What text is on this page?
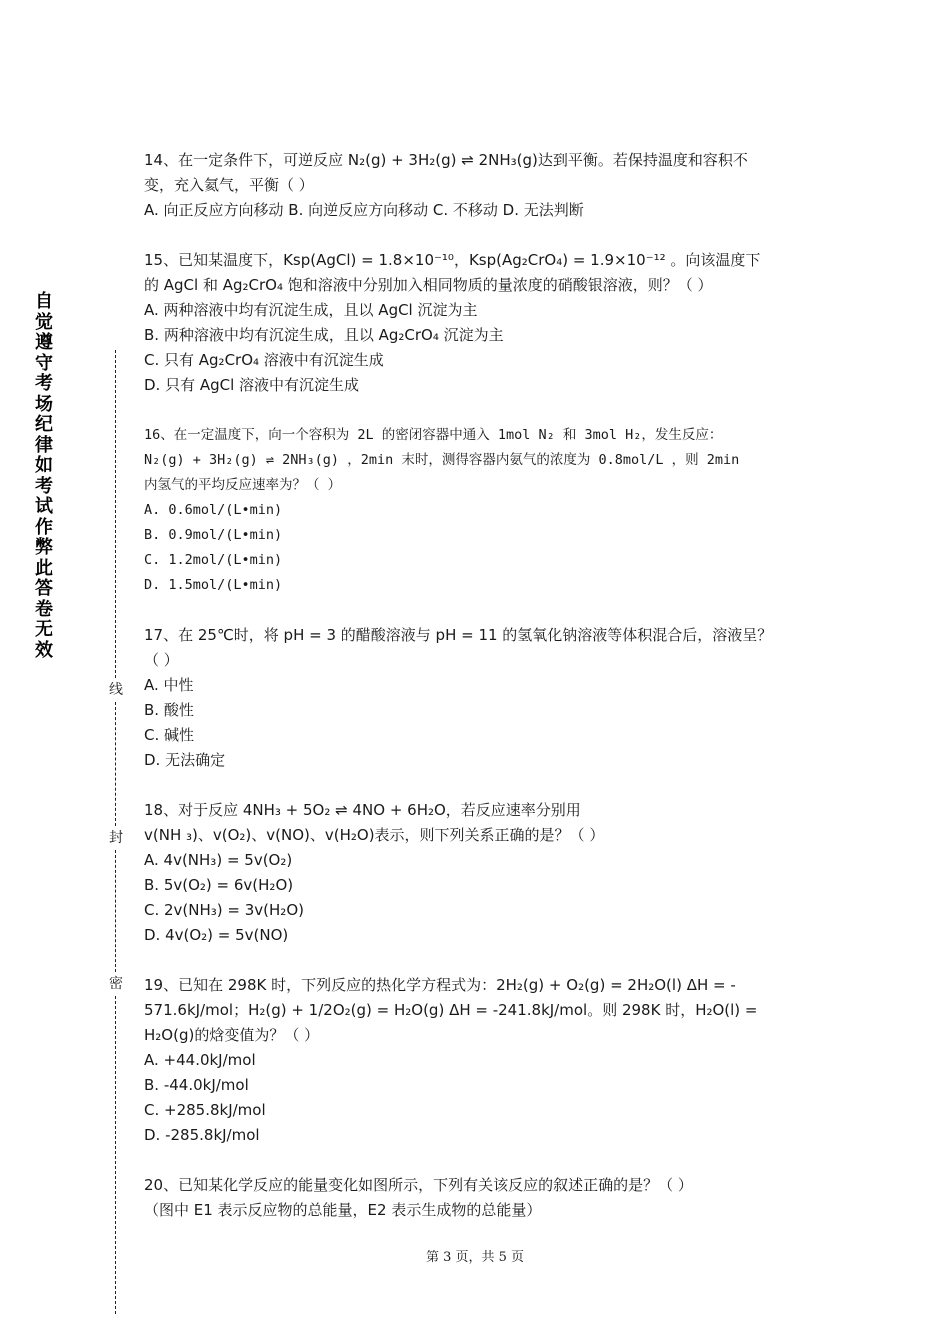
自觉遵守考场纪律如考试作弊此答卷无效
线
封
密
14、在一定条件下，可逆反应 N₂(g) + 3H₂(g) ⇌ 2NH₃(g)达到平衡。若保持温度和容积不
变，充入氦气，平衡（ ）
A. 向正反应方向移动 B. 向逆反应方向移动 C. 不移动 D. 无法判断
15、已知某温度下，Ksp(AgCl) = 1.8×10⁻¹⁰，Ksp(Ag₂CrO₄) = 1.9×10⁻¹² 。向该温度下
的 AgCl 和 Ag₂CrO₄ 饱和溶液中分别加入相同物质的量浓度的硝酸银溶液，则？（ ）
A. 两种溶液中均有沉淀生成，且以 AgCl 沉淀为主
B. 两种溶液中均有沉淀生成，且以 Ag₂CrO₄ 沉淀为主
C. 只有 Ag₂CrO₄ 溶液中有沉淀生成
D. 只有 AgCl 溶液中有沉淀生成
16、在一定温度下，向一个容积为 2L 的密闭容器中通入 1mol N₂ 和 3mol H₂，发生反应：
N₂(g) + 3H₂(g) ⇌ 2NH₃(g) ，2min 末时，测得容器内氨气的浓度为 0.8mol/L ，则 2min
内氢气的平均反应速率为？（ ）
A. 0.6mol/(L•min)
B. 0.9mol/(L•min)
C. 1.2mol/(L•min)
D. 1.5mol/(L•min)
17、在 25℃时，将 pH = 3 的醋酸溶液与 pH = 11 的氢氧化钠溶液等体积混合后，溶液呈？
（ ）
A. 中性
B. 酸性
C. 碱性
D. 无法确定
18、对于反应 4NH₃ + 5O₂ ⇌ 4NO + 6H₂O，若反应速率分别用
v(NH ₃)、v(O₂)、v(NO)、v(H₂O)表示，则下列关系正确的是？（ ）
A. 4v(NH₃) = 5v(O₂)
B. 5v(O₂) = 6v(H₂O)
C. 2v(NH₃) = 3v(H₂O)
D. 4v(O₂) = 5v(NO)
19、已知在 298K 时，下列反应的热化学方程式为：2H₂(g) + O₂(g) = 2H₂O(l) ΔH = -
571.6kJ/mol；H₂(g) + 1/2O₂(g) = H₂O(g) ΔH = -241.8kJ/mol。则 298K 时，H₂O(l) =
H₂O(g)的焓变值为？（ ）
A. +44.0kJ/mol
B. -44.0kJ/mol
C. +285.8kJ/mol
D. -285.8kJ/mol
20、已知某化学反应的能量变化如图所示，下列有关该反应的叙述正确的是？（ ）
（图中 E1 表示反应物的总能量，E2 表示生成物的总能量）
第 3 页，共 5 页
